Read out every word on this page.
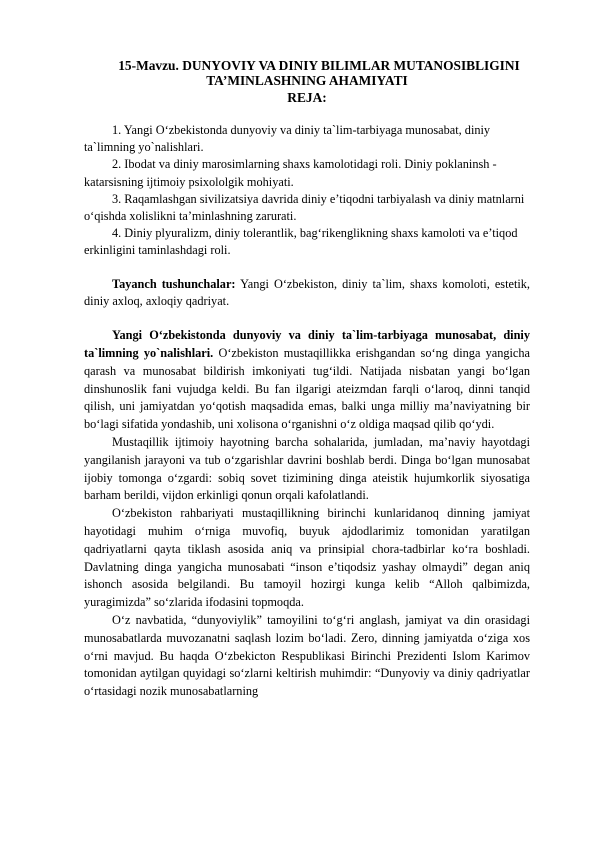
15-Mavzu. DUNYOVIY VA DINIY BILIMLAR MUTANOSIBLIGINI
TA’MINLASHNING AHAMIYATI
REJA:

1. Yangi O‘zbekistonda dunyoviy va diniy ta`lim-tarbiyaga munosabat, diniy ta`limning yo`nalishlari.

2. Ibodat va diniy marosimlarning shaxs kamolotidagi roli. Diniy poklaninsh - katarsisning ijtimoiy psixololgik mohiyati.

3. Raqamlashgan sivilizatsiya davrida diniy e’tiqodni tarbiyalash va diniy matnlarni o‘qishda xolislikni ta’minlashning zarurati.

4. Diniy plyuralizm, diniy tolerantlik, bag‘rikenglikning shaxs kamoloti va e’tiqod erkinligini taminlashdagi roli.

Tayanch tushunchalar: Yangi O‘zbekiston, diniy ta`lim, shaxs komoloti, estetik, diniy axloq, axloqiy qadriyat.

Yangi O‘zbekistonda dunyoviy va diniy ta`lim-tarbiyaga munosabat, diniy ta`limning yo`nalishlari. O‘zbekiston mustaqillikka erishgandan so‘ng dinga yangicha qarash va munosabat bildirish imkoniyati tug‘ildi. Natijada nisbatan yangi bo‘lgan dinshunoslik fani vujudga keldi. Bu fan ilgarigi ateizmdan farqli o‘laroq, dinni tanqid qilish, uni jamiyatdan yo‘qotish maqsadida emas, balki unga milliy ma’naviyatning bir bo‘lagi sifatida yondashib, uni xolisona o‘rganishni o‘z oldiga maqsad qilib qo‘ydi.

Mustaqillik ijtimoiy hayotning barcha sohalarida, jumladan, ma’naviy hayotdagi yangilanish jarayoni va tub o‘zgarishlar davrini boshlab berdi. Dinga bo‘lgan munosabat ijobiy tomonga o‘zgardi: sobiq sovet tizimining dinga ateistik hujumkorlik siyosatiga barham berildi, vijdon erkinligi qonun orqali kafolatlandi.

O‘zbekiston rahbariyati mustaqillikning birinchi kunlaridanoq dinning jamiyat hayotidagi muhim o‘rniga muvofiq, buyuk ajdodlarimiz tomonidan yaratilgan qadriyatlarni qayta tiklash asosida aniq va prinsipial chora-tadbirlar ko‘ra boshladi. Davlatning dinga yangicha munosabati “inson e’tiqodsiz yashay olmaydi” degan aniq ishonch asosida belgilandi. Bu tamoyil hozirgi kunga kelib “Alloh qalbimizda, yuragimizda” so‘zlarida ifodasini topmoqda.

O‘z navbatida, “dunyoviylik” tamoyilini to‘g‘ri anglash, jamiyat va din orasidagi munosabatlarda muvozanatni saqlash lozim bo‘ladi. Zero, dinning jamiyatda o‘ziga xos o‘rni mavjud. Bu haqda O‘zbekicton Respublikasi Birinchi Prezidenti Islom Karimov tomonidan aytilgan quyidagi so‘zlarni keltirish muhimdir: “Dunyoviy va diniy qadriyatlar o‘rtasidagi nozik munosabatlarning
